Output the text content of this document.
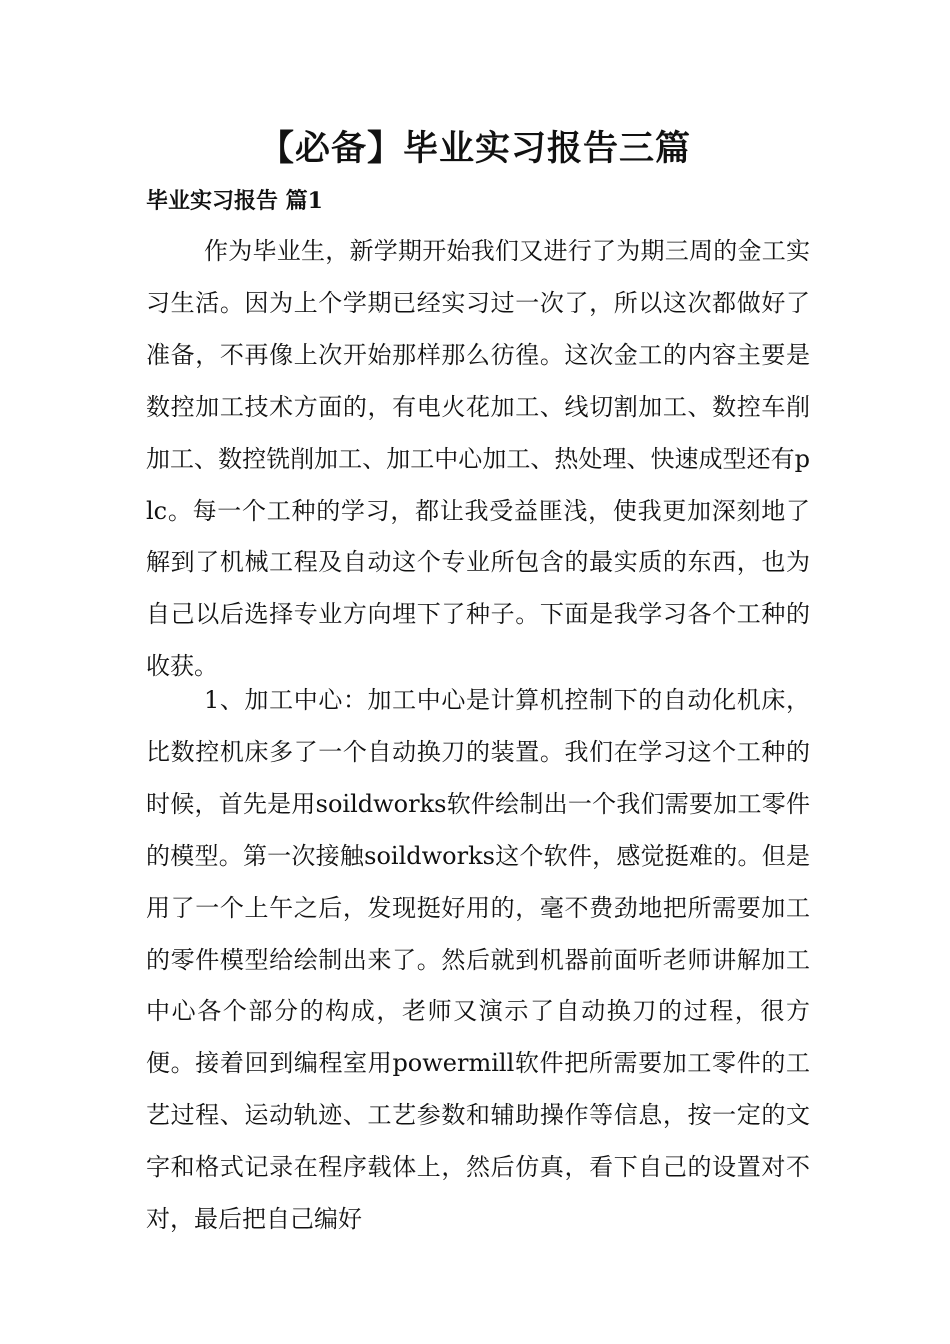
【必备】毕业实习报告三篇
毕业实习报告 篇1

作为毕业生，新学期开始我们又进行了为期三周的金工实习生活。因为上个学期已经实习过一次了，所以这次都做好了准备，不再像上次开始那样那么彷徨。这次金工的内容主要是数控加工技术方面的，有电火花加工、线切割加工、数控车削加工、数控铣削加工、加工中心加工、热处理、快速成型还有plc。每一个工种的学习，都让我受益匪浅，使我更加深刻地了解到了机械工程及自动这个专业所包含的最实质的东西，也为自己以后选择专业方向埋下了种子。下面是我学习各个工种的收获。

1、加工中心：加工中心是计算机控制下的自动化机床，比数控机床多了一个自动换刀的装置。我们在学习这个工种的时候，首先是用soildworks软件绘制出一个我们需要加工零件的模型。第一次接触soildworks这个软件，感觉挺难的。但是用了一个上午之后，发现挺好用的，毫不费劲地把所需要加工的零件模型给绘制出来了。然后就到机器前面听老师讲解加工中心各个部分的构成，老师又演示了自动换刀的过程，很方便。接着回到编程室用powermill软件把所需要加工零件的工艺过程、运动轨迹、工艺参数和辅助操作等信息，按一定的文字和格式记录在程序载体上，然后仿真，看下自己的设置对不对，最后把自己编好
